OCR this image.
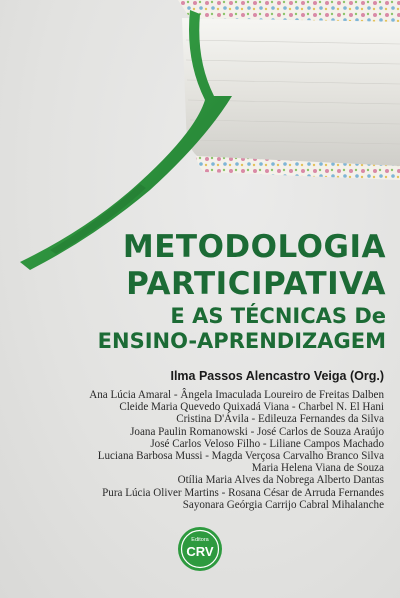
METODOLOGIA
PARTICIPATIVA
E AS TÉCNICAS De
ENSINO-APRENDIZAGEM
Ilma Passos Alencastro Veiga (Org.)
Ana Lúcia Amaral - Ângela Imaculada Loureiro de Freitas Dalben
Cleide Maria Quevedo Quixadá Viana - Charbel N. El Hani
Cristina D'Ávila - Edileuza Fernandes da Silva
Joana Paulin Romanowski - José Carlos de Souza Araújo
José Carlos Veloso Filho - Liliane Campos Machado
Luciana Barbosa Mussi - Magda Verçosa Carvalho Branco Silva
Maria Helena Viana de Souza
Otília Maria Alves da Nobrega Alberto Dantas
Pura Lúcia Oliver Martins - Rosana César de Arruda Fernandes
Sayonara Geórgia Carrijo Cabral Mihalanche
Editora
CRV
